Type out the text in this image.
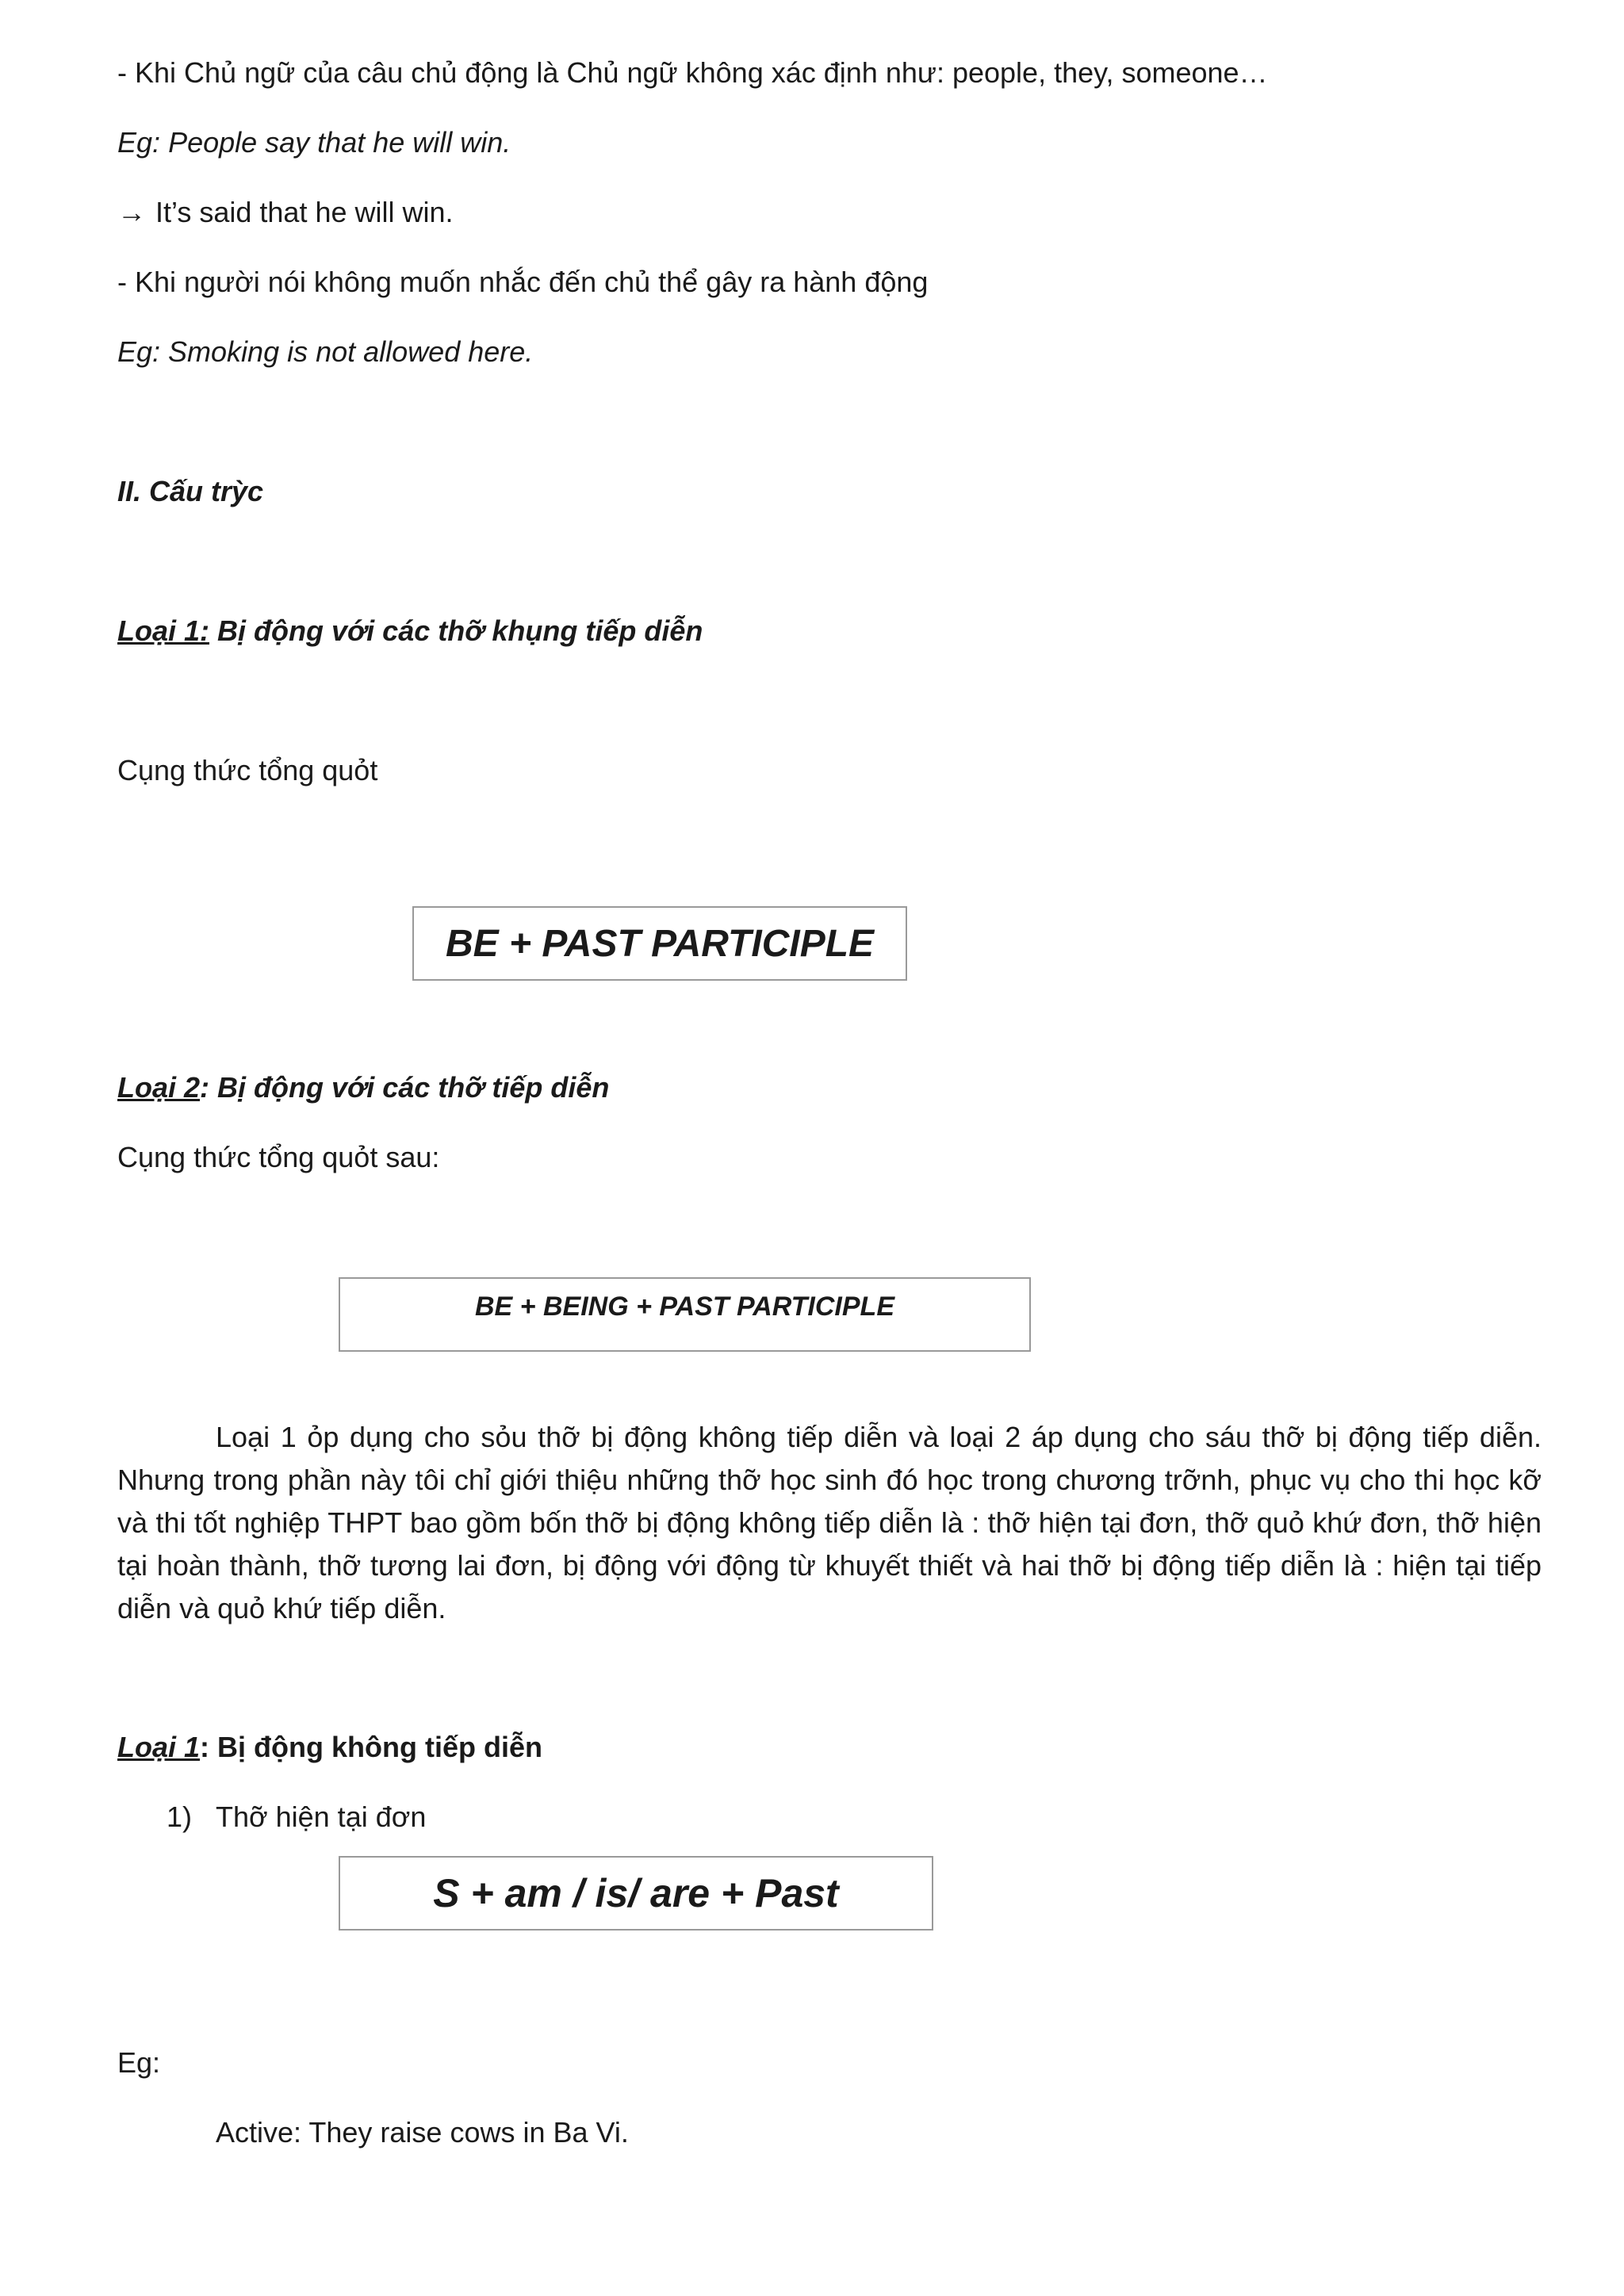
- Khi Chủ ngữ của câu chủ động là Chủ ngữ không xác định như: people, they, someone…
Eg: People say that he will win.
→ It’s said that he will win.
- Khi người nói không muốn nhắc đến chủ thể gây ra hành động
Eg: Smoking is not allowed here.
II. Cấu trỳc
Loại 1: Bị động với các thỡ khụng tiếp diễn
Cụng thức tổng quỏt
BE + PAST PARTICIPLE
Loại 2: Bị động với các thỡ tiếp diễn
Cụng thức tổng quỏt sau:
BE + BEING + PAST PARTICIPLE
Loại 1 ỏp dụng cho sỏu thỡ bị động không tiếp diễn và loại 2 áp dụng cho sáu thỡ bị động tiếp diễn. Nhưng trong phần này tôi chỉ giới thiệu những thỡ học sinh đó học trong chương trỡnh, phục vụ cho thi học kỡ và thi tốt nghiệp THPT bao gồm bốn thỡ bị động không tiếp diễn là : thỡ hiện tại đơn, thỡ quỏ khứ đơn, thỡ hiện tại hoàn thành, thỡ tương lai đơn, bị động với động từ khuyết thiết và hai thỡ bị động tiếp diễn là : hiện tại tiếp diễn và quỏ khứ tiếp diễn.
Loại 1: Bị động không tiếp diễn
1) Thỡ hiện tại đơn
S + am / is/ are + Past
Eg:
Active: They raise cows in Ba Vi.
